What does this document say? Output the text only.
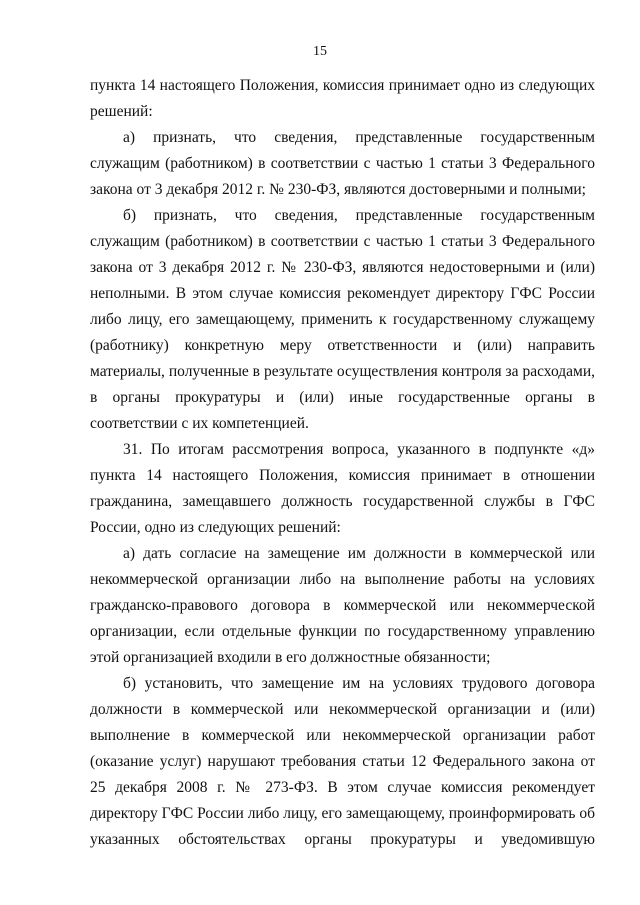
15

пункта 14 настоящего Положения, комиссия принимает одно из следующих решений:

а) признать, что сведения, представленные государственным служащим (работником) в соответствии с частью 1 статьи 3 Федерального закона от 3 декабря 2012 г. № 230-ФЗ, являются достоверными и полными;

б) признать, что сведения, представленные государственным служащим (работником) в соответствии с частью 1 статьи 3 Федерального закона от 3 декабря 2012 г. № 230-ФЗ, являются недостоверными и (или) неполными. В этом случае комиссия рекомендует директору ГФС России либо лицу, его замещающему, применить к государственному служащему (работнику) конкретную меру ответственности и (или) направить материалы, полученные в результате осуществления контроля за расходами, в органы прокуратуры и (или) иные государственные органы в соответствии с их компетенцией.

31. По итогам рассмотрения вопроса, указанного в подпункте «д» пункта 14 настоящего Положения, комиссия принимает в отношении гражданина, замещавшего должность государственной службы в ГФС России, одно из следующих решений:

а) дать согласие на замещение им должности в коммерческой или некоммерческой организации либо на выполнение работы на условиях гражданско-правового договора в коммерческой или некоммерческой организации, если отдельные функции по государственному управлению этой организацией входили в его должностные обязанности;

б) установить, что замещение им на условиях трудового договора должности в коммерческой или некоммерческой организации и (или) выполнение в коммерческой или некоммерческой организации работ (оказание услуг) нарушают требования статьи 12 Федерального закона от 25 декабря 2008 г. № 273-ФЗ. В этом случае комиссия рекомендует директору ГФС России либо лицу, его замещающему, проинформировать об указанных обстоятельствах органы прокуратуры и уведомившую
